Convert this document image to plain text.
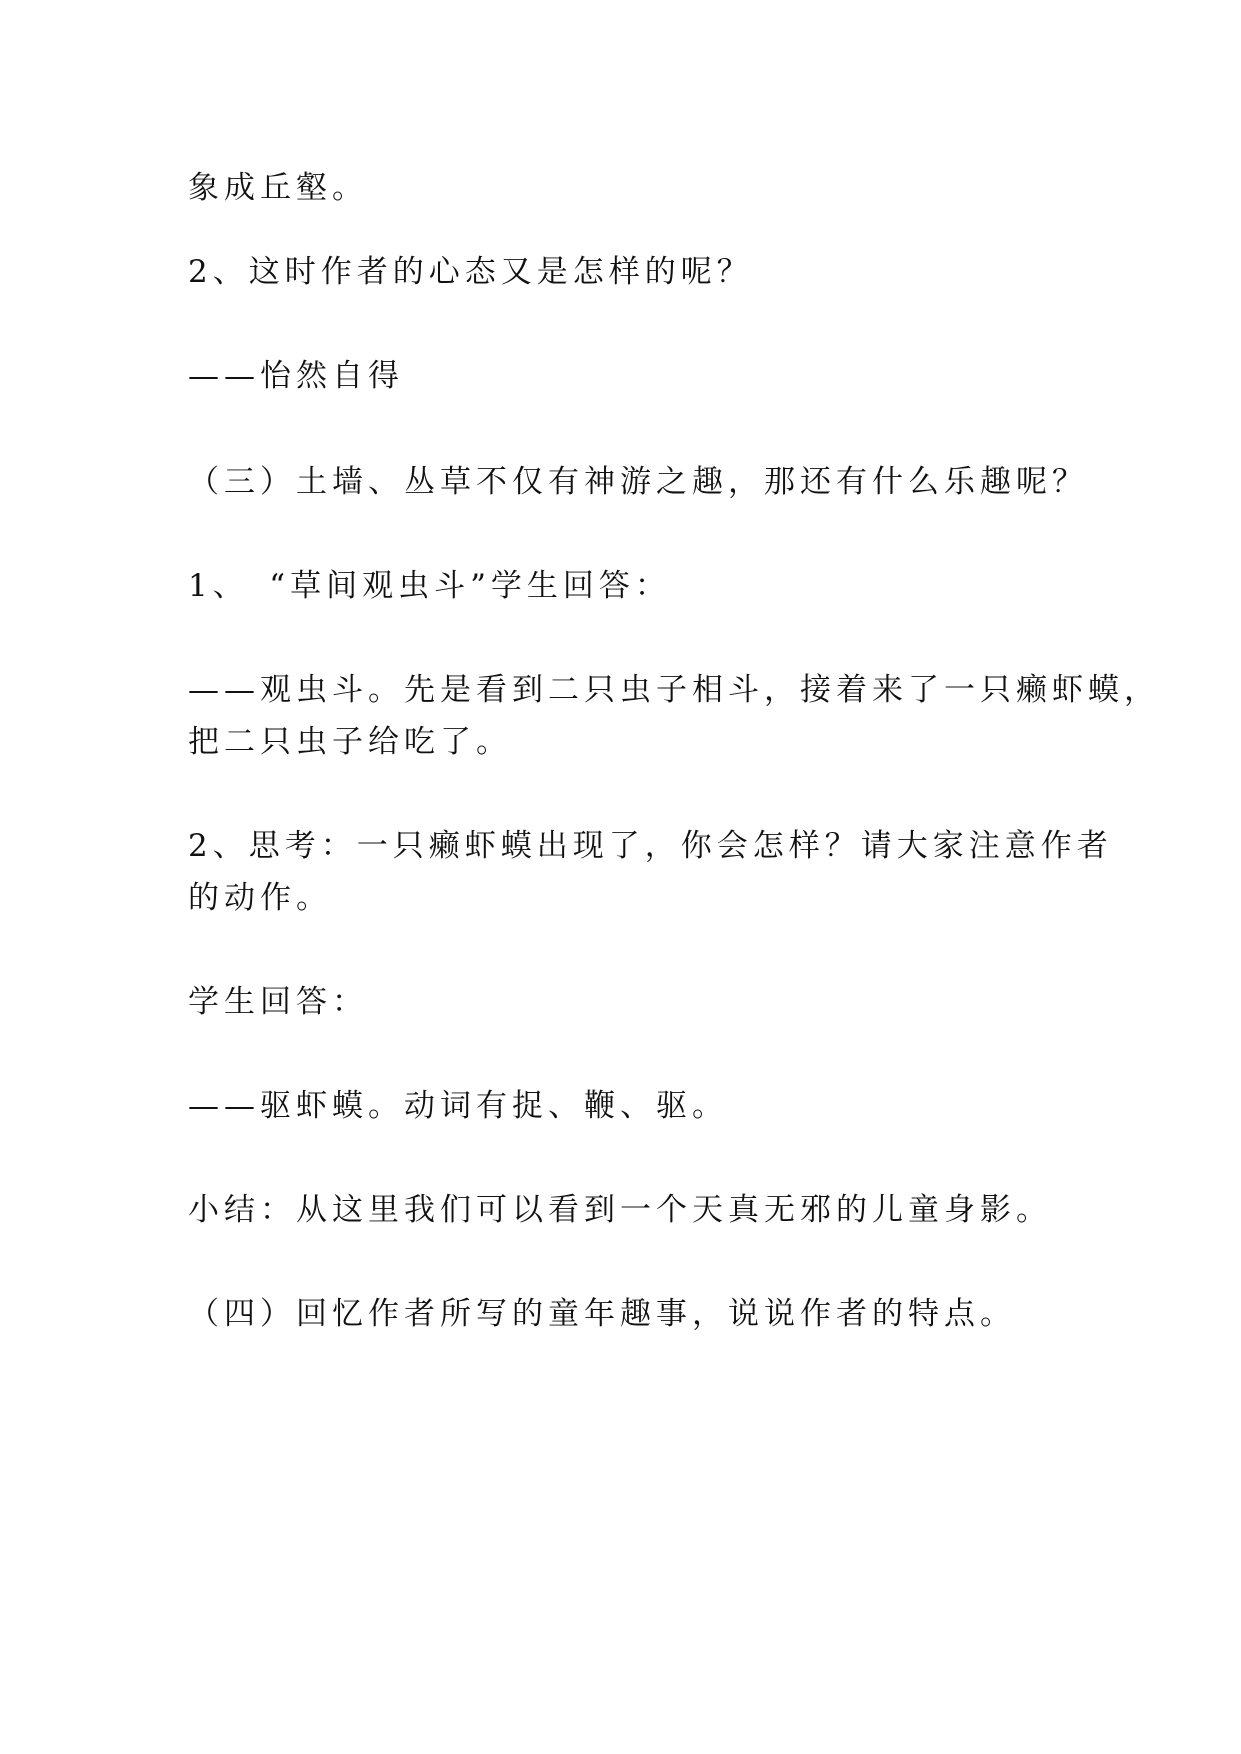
象成丘壑。
2、这时作者的心态又是怎样的呢？
——怡然自得
（三）土墙、丛草不仅有神游之趣，那还有什么乐趣呢？
1、　“草间观虫斗”学生回答：
——观虫斗。先是看到二只虫子相斗，接着来了一只癞虾蟆，
把二只虫子给吃了。
2、思考：一只癞虾蟆出现了，你会怎样？请大家注意作者
的动作。
学生回答：
——驱虾蟆。动词有捉、鞭、驱。
小结：从这里我们可以看到一个天真无邪的儿童身影。
（四）回忆作者所写的童年趣事，说说作者的特点。
